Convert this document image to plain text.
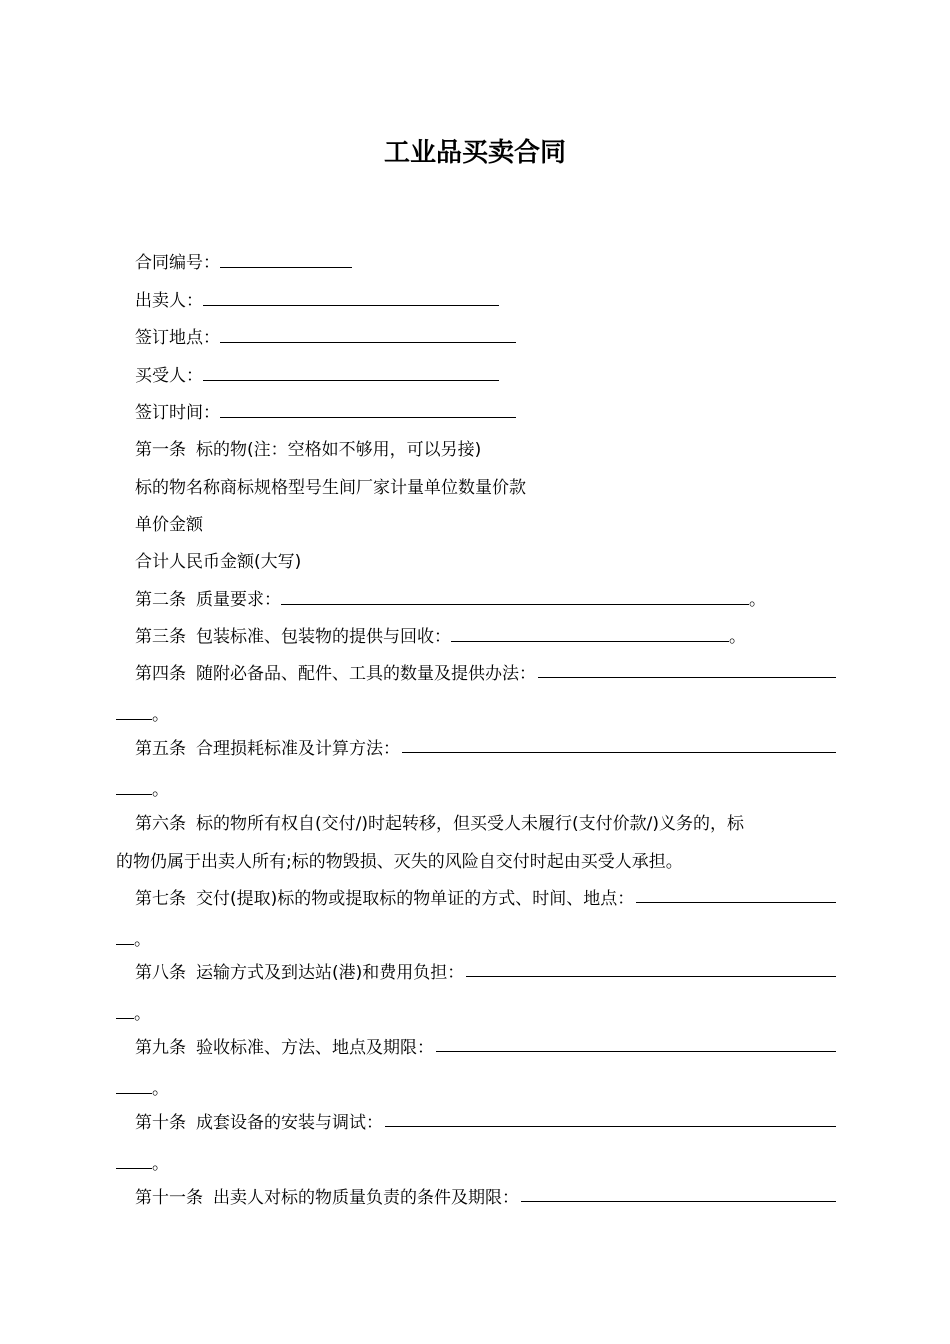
工业品买卖合同
合同编号：
出卖人：
签订地点：
买受人：
签订时间：
第一条 标的物(注：空格如不够用，可以另接)
标的物名称商标规格型号生间厂家计量单位数量价款
单价金额
合计人民币金额(大写)
第二条 质量要求：	。
第三条 包装标准、包装物的提供与回收：	。
第四条 随附必备品、配件、工具的数量及提供办法：
。
第五条 合理损耗标准及计算方法：
。
第六条 标的物所有权自(交付/)时起转移，但买受人未履行(支付价款/)义务的，标
的物仍属于出卖人所有;标的物毁损、灭失的风险自交付时起由买受人承担。
第七条 交付(提取)标的物或提取标的物单证的方式、时间、地点：
。
第八条 运输方式及到达站(港)和费用负担：
。
第九条 验收标准、方法、地点及期限：
。
第十条 成套设备的安装与调试：
。
第十一条 出卖人对标的物质量负责的条件及期限：
